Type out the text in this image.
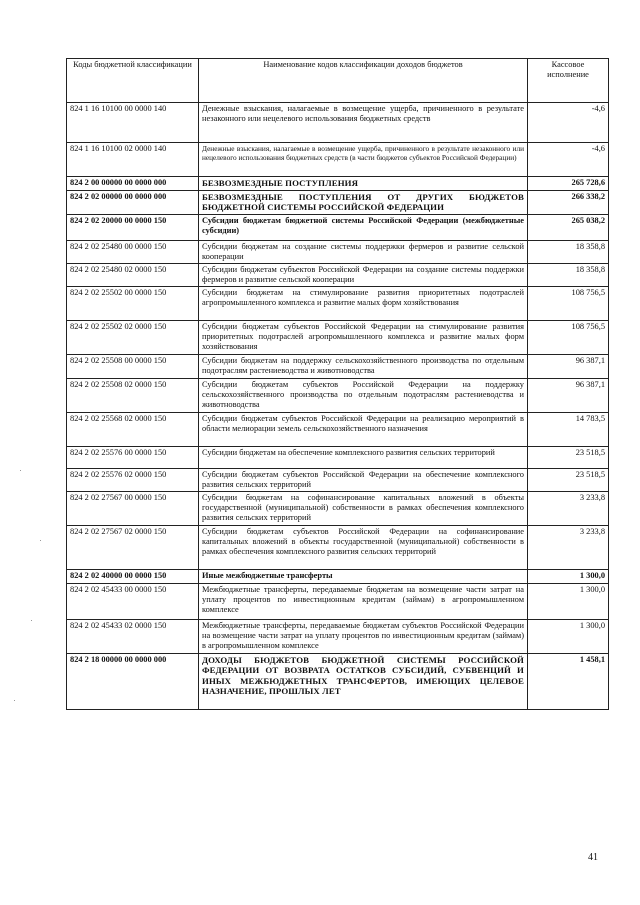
Коды бюджетной классификации	Наименование кодов классификации доходов бюджетов	Кассовое исполнение
824 1 16 10100 00 0000 140	Денежные взыскания, налагаемые в возмещение ущерба, причиненного в результате незаконного или нецелевого использования бюджетных средств	-4,6
824 1 16 10100 02 0000 140	Денежные взыскания, налагаемые в возмещение ущерба, причиненного в результате незаконного или нецелевого использования бюджетных средств (в части бюджетов субъектов Российской Федерации)	-4,6
824 2 00 00000 00 0000 000	БЕЗВОЗМЕЗДНЫЕ ПОСТУПЛЕНИЯ	265 728,6
824 2 02 00000 00 0000 000	БЕЗВОЗМЕЗДНЫЕ ПОСТУПЛЕНИЯ ОТ ДРУГИХ БЮДЖЕТОВ БЮДЖЕТНОЙ СИСТЕМЫ РОССИЙСКОЙ ФЕДЕРАЦИИ	266 338,2
824 2 02 20000 00 0000 150	Субсидии бюджетам бюджетной системы Российской Федерации (межбюджетные субсидии)	265 038,2
824 2 02 25480 00 0000 150	Субсидии бюджетам на создание системы поддержки фермеров и развитие сельской кооперации	18 358,8
824 2 02 25480 02 0000 150	Субсидии бюджетам субъектов Российской Федерации на создание системы поддержки фермеров и развитие сельской кооперации	18 358,8
824 2 02 25502 00 0000 150	Субсидии бюджетам на стимулирование развития приоритетных подотраслей агропромышленного комплекса и развитие малых форм хозяйствования	108 756,5
824 2 02 25502 02 0000 150	Субсидии бюджетам субъектов Российской Федерации на стимулирование развития приоритетных подотраслей агропромышленного комплекса и развитие малых форм хозяйствования	108 756,5
824 2 02 25508 00 0000 150	Субсидии бюджетам на поддержку сельскохозяйственного производства по отдельным подотраслям растениеводства и животноводства	96 387,1
824 2 02 25508 02 0000 150	Субсидии бюджетам субъектов Российской Федерации на поддержку сельскохозяйственного производства по отдельным подотраслям растениеводства и животноводства	96 387,1
824 2 02 25568 02 0000 150	Субсидии бюджетам субъектов Российской Федерации на реализацию мероприятий в области мелиорации земель сельскохозяйственного назначения	14 783,5
824 2 02 25576 00 0000 150	Субсидии бюджетам на обеспечение комплексного развития сельских территорий	23 518,5
824 2 02 25576 02 0000 150	Субсидии бюджетам субъектов Российской Федерации на обеспечение комплексного развития сельских территорий	23 518,5
824 2 02 27567 00 0000 150	Субсидии бюджетам на софинансирование капитальных вложений в объекты государственной (муниципальной) собственности в рамках обеспечения комплексного развития сельских территорий	3 233,8
824 2 02 27567 02 0000 150	Субсидии бюджетам субъектов Российской Федерации на софинансирование капитальных вложений в объекты государственной (муниципальной) собственности в рамках обеспечения комплексного развития сельских территорий	3 233,8
824 2 02 40000 00 0000 150	Иные межбюджетные трансферты	1 300,0
824 2 02 45433 00 0000 150	Межбюджетные трансферты, передаваемые бюджетам на возмещение части затрат на уплату процентов по инвестиционным кредитам (займам) в агропромышленном комплексе	1 300,0
824 2 02 45433 02 0000 150	Межбюджетные трансферты, передаваемые бюджетам субъектов Российской Федерации на возмещение части затрат на уплату процентов по инвестиционным кредитам (займам) в агропромышленном комплексе	1 300,0
824 2 18 00000 00 0000 000	ДОХОДЫ БЮДЖЕТОВ БЮДЖЕТНОЙ СИСТЕМЫ РОССИЙСКОЙ ФЕДЕРАЦИИ ОТ ВОЗВРАТА ОСТАТКОВ СУБСИДИЙ, СУБВЕНЦИЙ И ИНЫХ МЕЖБЮДЖЕТНЫХ ТРАНСФЕРТОВ, ИМЕЮЩИХ ЦЕЛЕВОЕ НАЗНАЧЕНИЕ, ПРОШЛЫХ ЛЕТ	1 458,1
41
